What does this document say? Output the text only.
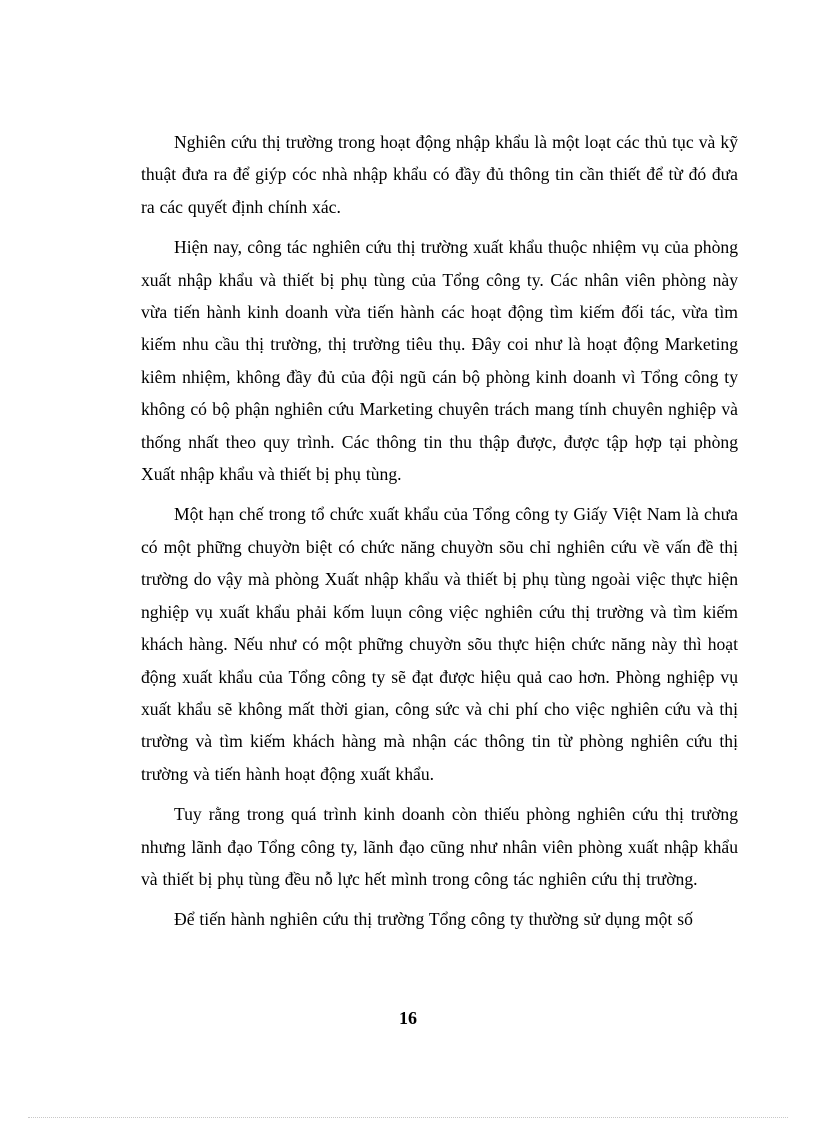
Nghiên cứu thị trường trong hoạt động nhập khẩu là một loạt các thủ tục và kỹ thuật đưa ra để giýp cóc nhà nhập khẩu có đầy đủ thông tin cần thiết để từ đó đưa ra các quyết định chính xác.

Hiện nay, công tác nghiên cứu thị trường xuất khẩu thuộc nhiệm vụ của phòng xuất nhập khẩu và thiết bị phụ tùng của Tổng công ty. Các nhân viên phòng này vừa tiến hành kinh doanh vừa tiến hành các hoạt động tìm kiếm đối tác, vừa tìm kiếm nhu cầu thị trường, thị trường tiêu thụ. Đây coi như là hoạt động Marketing kiêm nhiệm, không đầy đủ của đội ngũ cán bộ phòng kinh doanh vì Tổng công ty không có bộ phận nghiên cứu Marketing chuyên trách mang tính chuyên nghiệp và thống nhất theo quy trình. Các thông tin thu thập được, được tập hợp tại phòng Xuất nhập khẩu và thiết bị phụ tùng.

Một hạn chế trong tổ chức xuất khẩu của Tổng công ty Giấy Việt Nam là chưa có một phững chuyờn biệt có chức năng chuyờn sõu chỉ nghiên cứu về vấn đề thị trường do vậy mà phòng Xuất nhập khẩu và thiết bị phụ tùng ngoài việc thực hiện nghiệp vụ xuất khẩu phải kốm luụn công việc nghiên cứu thị trường và tìm kiếm khách hàng. Nếu như có một phững chuyờn sõu thực hiện chức năng này thì hoạt động xuất khẩu của Tổng công ty sẽ đạt được hiệu quả cao hơn. Phòng nghiệp vụ xuất khẩu sẽ không mất thời gian, công sức và chi phí cho việc nghiên cứu và thị trường và tìm kiếm khách hàng mà nhận các thông tin từ phòng nghiên cứu thị trường và tiến hành hoạt động xuất khẩu.

Tuy rằng trong quá trình kinh doanh còn thiếu phòng nghiên cứu thị trường nhưng lãnh đạo Tổng công ty, lãnh đạo cũng như nhân viên phòng xuất nhập khẩu và thiết bị phụ tùng đều nỗ lực hết mình trong công tác nghiên cứu thị trường.

Để tiến hành nghiên cứu thị trường Tổng công ty thường sử dụng một số

16
